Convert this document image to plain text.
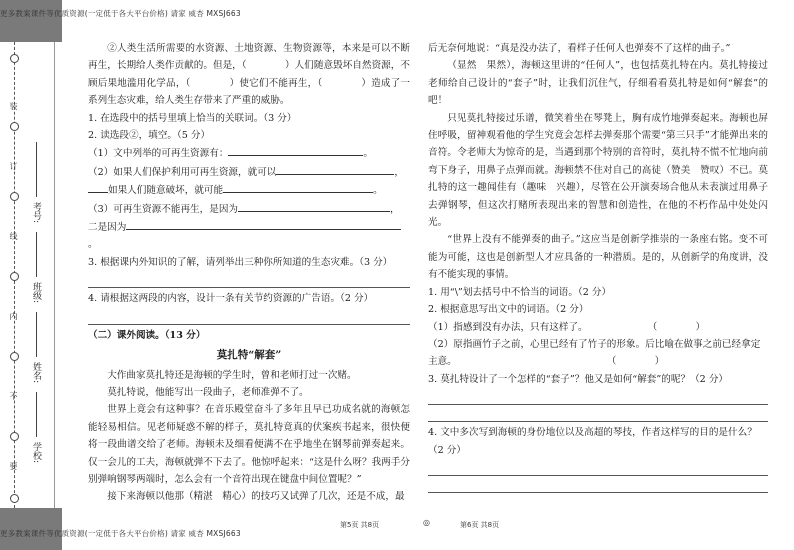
更多教案课件等优质资源(一定低于各大平台价格) 请家 威杏 MXSJ663
更多教案课件等优质资源(一定低于各大平台价格) 请家 威杏 MXSJ663
装
订
线
内
不
要
考号:
班级:
姓名:
学校:
②人类生活所需要的水资源、土地资源、生物资源等，本来是可以不断再生，长期给人类作贡献的。但是，（　　　　）人们随意毁坏自然资源，不顾后果地滥用化学品，（　　　　）使它们不能再生，（　　　　）造成了一系列生态灾难，给人类生存带来了严重的威胁。
1. 在选段中的括号里填上恰当的关联词。（3 分）
2. 读选段②，填空。（5 分）
（1）文中列举的可再生资源有：	。
（2）如果人们保护利用可再生资源，就可以	，
如果人们随意破坏，就可能	。
（3）可再生资源不能再生，是因为	，
二是因为。
3. 根据课内外知识的了解，请列举出三种你所知道的生态灾难。（3 分）
4. 请根据这两段的内容，设计一条有关节约资源的广告语。（2 分）
（二）课外阅读。（13 分）
莫扎特“解套”
大作曲家莫扎特还是海顿的学生时，曾和老师打过一次赌。
莫扎特说，他能写出一段曲子，老师准弹不了。
世界上竟会有这种事？在音乐殿堂奋斗了多年且早已功成名就的海顿怎能轻易相信。见老师疑惑不解的样子，莫扎特竟真的伏案疾书起来，很快便将一段曲谱交给了老师。海顿未及细看便满不在乎地坐在钢琴前弹奏起来。仅一会儿的工夫，海顿就弹不下去了。他惊呼起来：“这是什么呀？我两手分别弹响钢琴两端时，怎么会有一个音符出现在键盘中间位置呢？”
接下来海顿以他那（精湛　精心）的技巧又试弹了几次，还是不成，最
后无奈何地说：“真是没办法了，看样子任何人也弹奏不了这样的曲子。”
（显然　果然），海顿这里讲的“任何人”，也包括莫扎特在内。莫扎特接过老师给自己设计的“套子”时，让我们沉住气，仔细看看莫扎特是如何“解套”的吧！
只见莫扎特接过乐谱，微笑着坐在琴凳上，胸有成竹地弹奏起来。海顿也屏住呼吸，留神观看他的学生究竟会怎样去弹奏那个需要“第三只手”才能弹出来的音符。令老师大为惊奇的是，当遇到那个特别的音符时，莫扎特不慌不忙地向前弯下身子，用鼻子点弹而就。海顿禁不住对自己的高徒（赞美　赞叹）不已。莫扎特的这一趣闻佳有（趣味　兴趣），尽管在公开演奏场合他从未表演过用鼻子去弹钢琴，但这次打赌所表现出来的智慧和创造性，在他的不朽作品中处处闪光。
“世界上没有不能弹奏的曲子。”这应当是创新学推崇的一条座右铭。变不可能为可能，这也是创新型人才应具备的一种潜质。是的，从创新学的角度讲，没有不能实现的事情。
1. 用“\”划去括号中不恰当的词语。（2 分）
2. 根据意思写出文中的词语。（2 分）
（1）指感到没有办法，只有这样了。	（　　　　）
（2）原指画竹子之前，心里已经有了竹子的形象。后比喻在做事之前已经拿定主意。	（　　　　）
3. 莫扎特设计了一个怎样的“套子”？他又是如何“解套”的呢？（2 分）
4. 文中多次写到海顿的身份地位以及高超的琴技，作者这样写的目的是什么？（2 分）
第5页 共8页	◎	第6页 共8页
